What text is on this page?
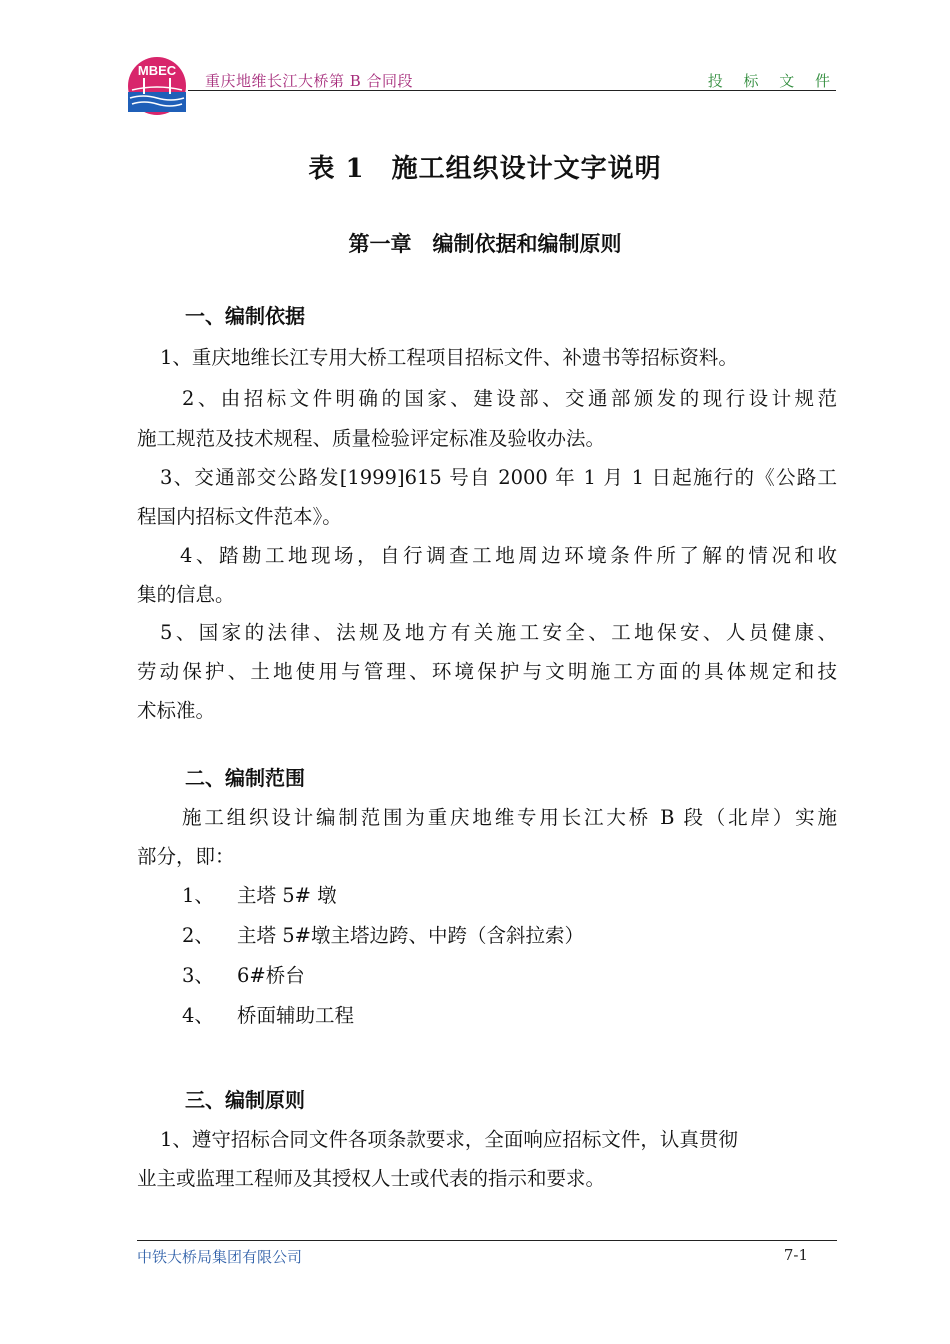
MBEC
重庆地维长江大桥第 B 合同段	投 标 文 件
表 1　施工组织设计文字说明
第一章　编制依据和编制原则
一、编制依据
1、重庆地维长江专用大桥工程项目招标文件、补遗书等招标资料。
2、由招标文件明确的国家、建设部、交通部颁发的现行设计规范
施工规范及技术规程、质量检验评定标准及验收办法。
3、交通部交公路发[1999]615 号自 2000 年 1 月 1 日起施行的《公路工
程国内招标文件范本》。
4、踏勘工地现场，自行调查工地周边环境条件所了解的情况和收
集的信息。
5、国家的法律、法规及地方有关施工安全、工地保安、人员健康、
劳动保护、土地使用与管理、环境保护与文明施工方面的具体规定和技
术标准。
二、编制范围
施工组织设计编制范围为重庆地维专用长江大桥 B 段（北岸）实施
部分，即：
1、 主塔 5# 墩
2、 主塔 5#墩主塔边跨、中跨（含斜拉索）
3、 6#桥台
4、 桥面辅助工程
三、编制原则
1、遵守招标合同文件各项条款要求，全面响应招标文件，认真贯彻
业主或监理工程师及其授权人士或代表的指示和要求。
中铁大桥局集团有限公司	7-1
